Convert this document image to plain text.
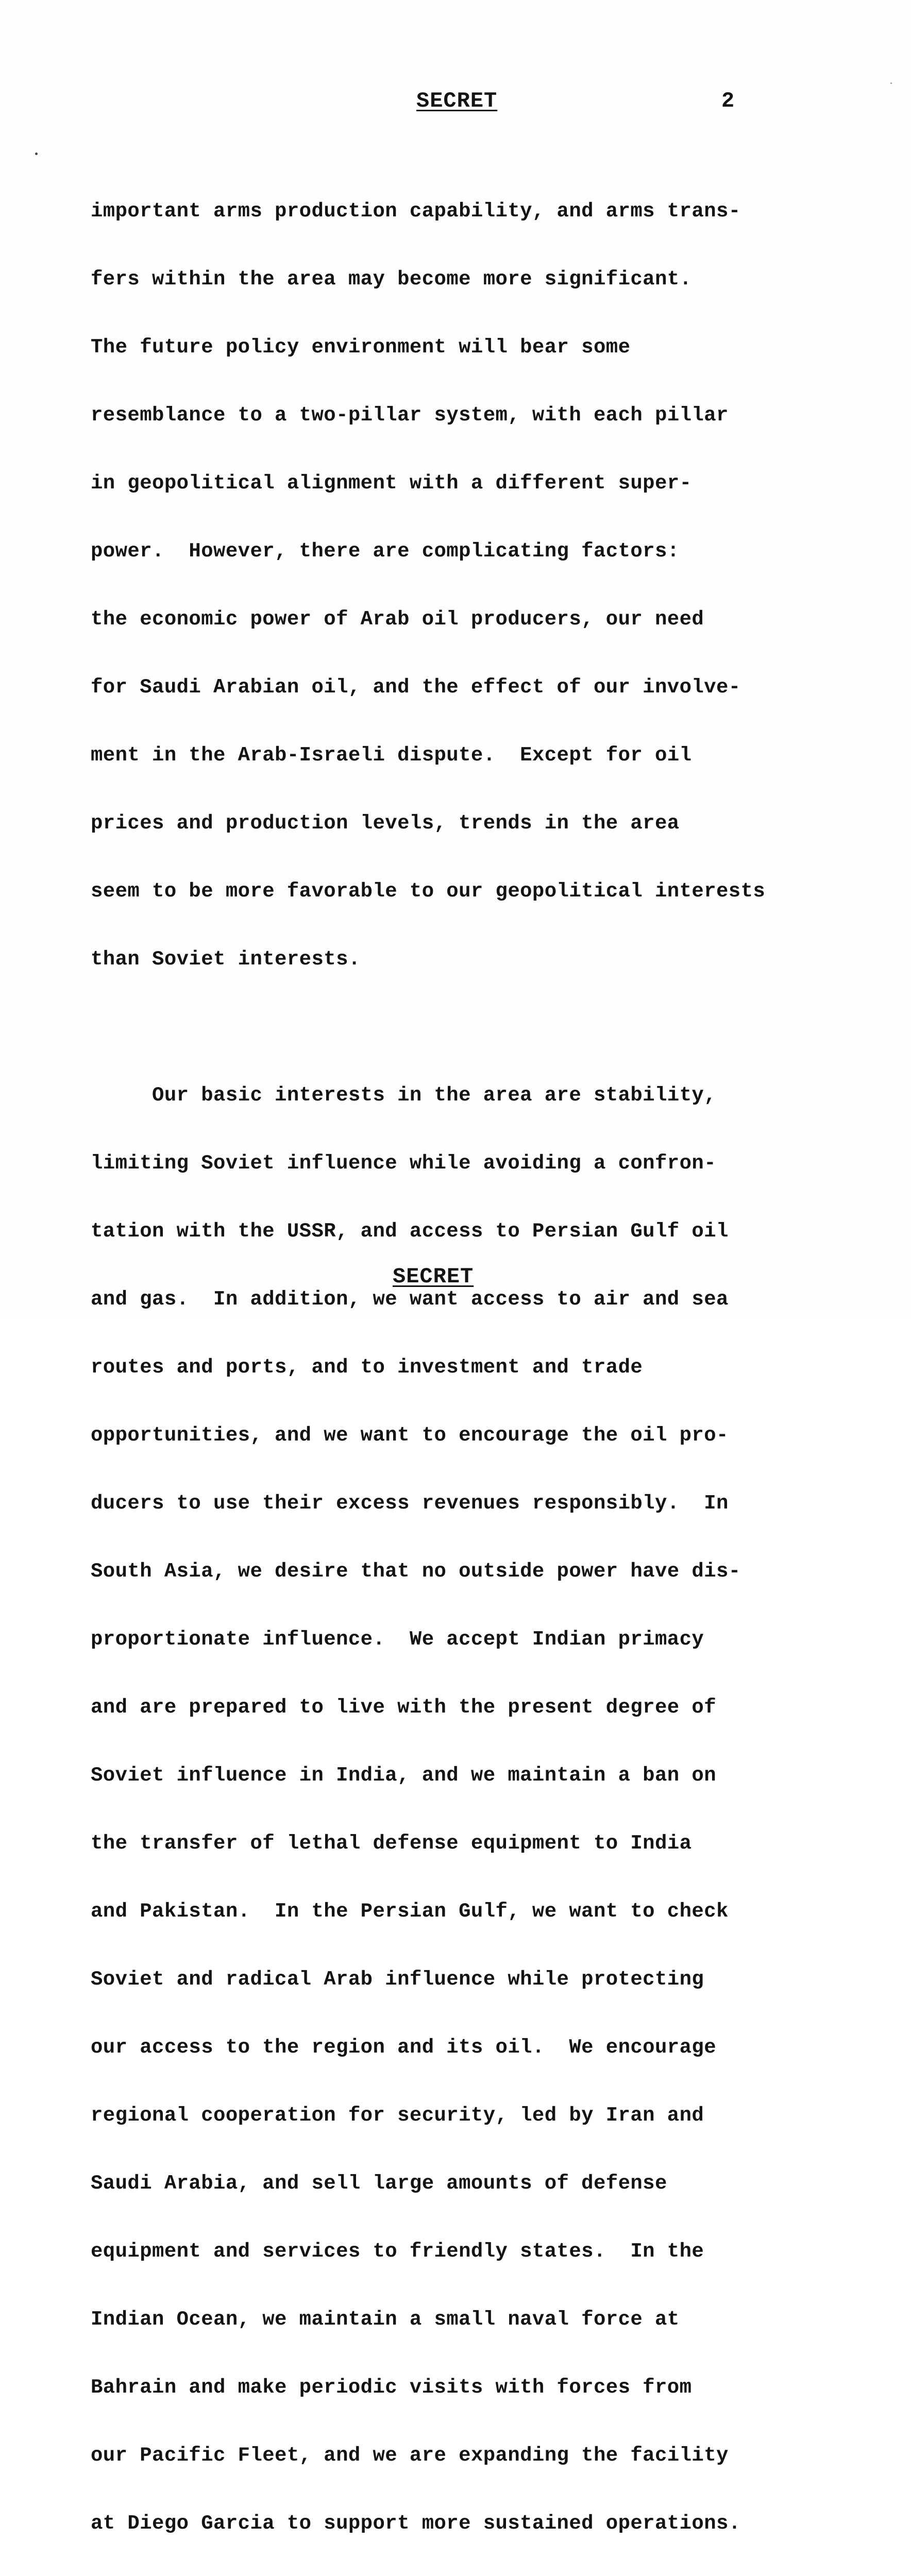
SECRET	2

important arms production capability, and arms trans-

fers within the area may become more significant.

The future policy environment will bear some

resemblance to a two-pillar system, with each pillar

in geopolitical alignment with a different super-

power.  However, there are complicating factors:

the economic power of Arab oil producers, our need

for Saudi Arabian oil, and the effect of our involve-

ment in the Arab-Israeli dispute.  Except for oil

prices and production levels, trends in the area

seem to be more favorable to our geopolitical interests

than Soviet interests.

Our basic interests in the area are stability,

limiting Soviet influence while avoiding a confron-

tation with the USSR, and access to Persian Gulf oil

and gas.  In addition, we want access to air and sea

routes and ports, and to investment and trade

opportunities, and we want to encourage the oil pro-

ducers to use their excess revenues responsibly.  In

South Asia, we desire that no outside power have dis-

proportionate influence.  We accept Indian primacy

and are prepared to live with the present degree of

Soviet influence in India, and we maintain a ban on

the transfer of lethal defense equipment to India

and Pakistan.  In the Persian Gulf, we want to check

Soviet and radical Arab influence while protecting

our access to the region and its oil.  We encourage

regional cooperation for security, led by Iran and

Saudi Arabia, and sell large amounts of defense

equipment and services to friendly states.  In the

Indian Ocean, we maintain a small naval force at

Bahrain and make periodic visits with forces from

our Pacific Fleet, and we are expanding the facility

at Diego Garcia to support more sustained operations.

SECRET
